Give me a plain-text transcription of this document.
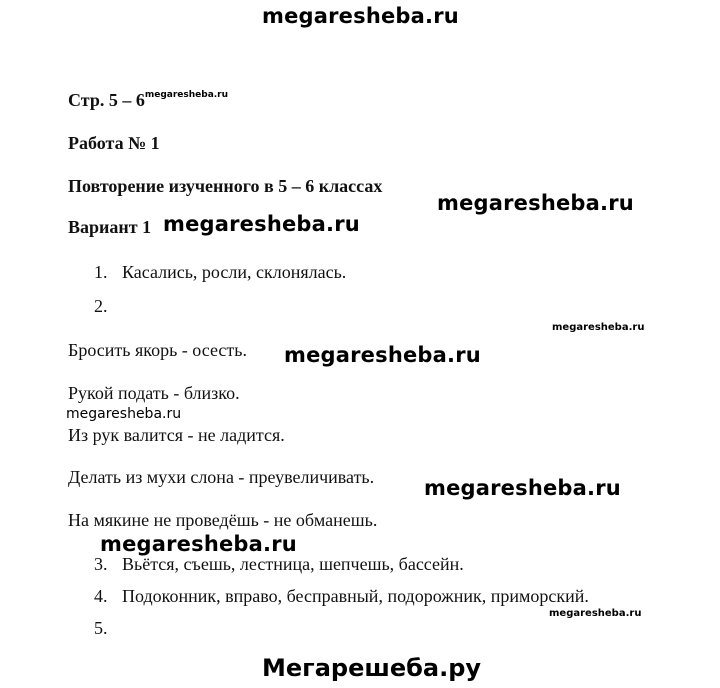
megaresheba.ru
Стр. $5 - 6^{megaresheba.ru}$
Работа № 1
Повторение изученного в 5 – 6 классах
megaresheba.ru
Вариант 1 megaresheba.ru
1. Касались, росли, склонялась.
2.
megaresheba.ru
Бросить якорь - осесть. megaresheba.ru
Рукой подать - близко.
megaresheba.ru
Из рук валится - не ладится.
Делать из мухи слона - преувеличивать. megaresheba.ru
На мякине не проведёшь - не обманешь.
megaresheba.ru
3. Вьётся, съешь, лестница, шепчешь, бассейн.
4. Подоконник, вправо, бесправный, подорожник, приморский.
megaresheba.ru
5.
Мегарешеба.ру
